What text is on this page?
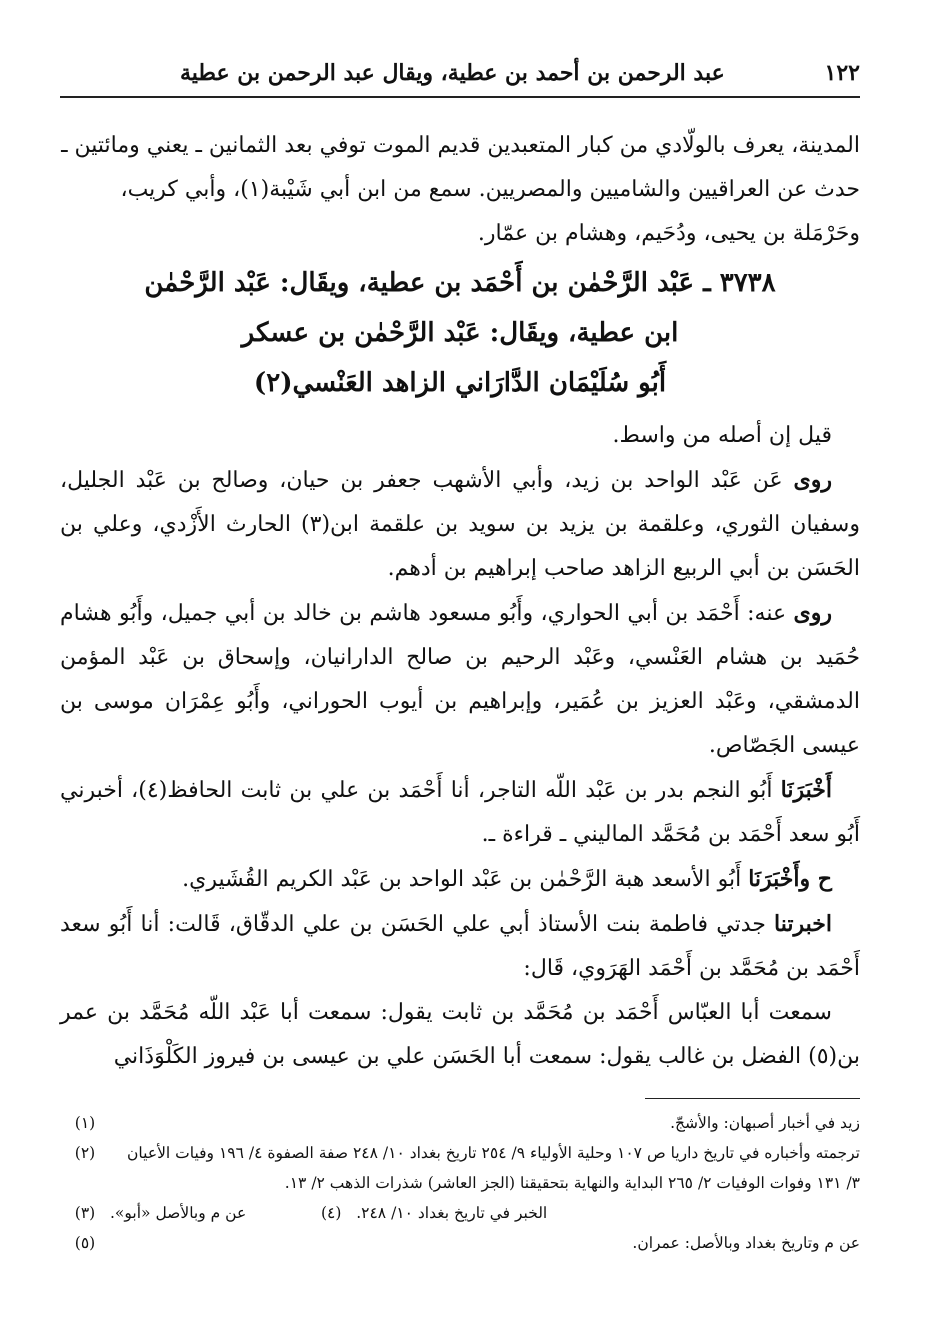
١٢٢
عبد الرحمن بن أحمد بن عطية، ويقال عبد الرحمن بن عطية

المدينة، يعرف بالولّادي من كبار المتعبدين قديم الموت توفي بعد الثمانين ـ يعني ومائتين ـ

حدث عن العراقيين والشاميين والمصريين. سمع من ابن أبي شَيْبة(١)، وأبي كريب،

وحَرْمَلة بن يحيى، ودُحَيم، وهشام بن عمّار.

٣٧٣٨ ـ عَبْد الرَّحْمٰن بن أَحْمَد بن عطية، ويقَال: عَبْد الرَّحْمٰن

ابن عطية، ويقَال: عَبْد الرَّحْمٰن بن عسكر

أَبُو سُلَيْمَان الدَّارَاني الزاهد العَنْسي(٢)

قيل إن أصله من واسط.

روى عَن عَبْد الواحد بن زيد، وأبي الأشهب جعفر بن حيان، وصالح بن عَبْد الجليل، وسفيان الثوري، وعلقمة بن يزيد بن سويد بن علقمة ابن(٣) الحارث الأَزْدي، وعلي بن الحَسَن بن أبي الربيع الزاهد صاحب إبراهيم بن أدهم.

روى عنه: أَحْمَد بن أبي الحواري، وأَبُو مسعود هاشم بن خالد بن أبي جميل، وأَبُو هشام حُمَيد بن هشام العَنْسي، وعَبْد الرحيم بن صالح الدارانيان، وإسحاق بن عَبْد المؤمن الدمشقي، وعَبْد العزيز بن عُمَير، وإبراهيم بن أيوب الحوراني، وأَبُو عِمْرَان موسى بن عيسى الجَصّاص.

أَخْبَرَنَا أَبُو النجم بدر بن عَبْد اللّه التاجر، أنا أَحْمَد بن علي بن ثابت الحافظ(٤)، أخبرني أَبُو سعد أَحْمَد بن مُحَمَّد الماليني ـ قراءة ـ.

ح وأَخْبَرَنَا أَبُو الأسعد هبة الرَّحْمٰن بن عَبْد الواحد بن عَبْد الكريم القُشَيري.

اخبرتنا جدتي فاطمة بنت الأستاذ أبي علي الحَسَن بن علي الدقّاق، قَالت: أنا أَبُو سعد أَحْمَد بن مُحَمَّد بن أَحْمَد الهَرَوي، قَال:

سمعت أبا العبّاس أَحْمَد بن مُحَمَّد بن ثابت يقول: سمعت أبا عَبْد اللّه مُحَمَّد بن عمر بن(٥) الفضل بن غالب يقول: سمعت أبا الحَسَن علي بن عيسى بن فيروز الكَلْوَذَاني

(١)	زيد في أخبار أصبهان: والأشجّ.
(٢)	ترجمته وأخباره في تاريخ داريا ص ١٠٧ وحلية الأولياء ٩/ ٢٥٤ تاريخ بغداد ١٠/ ٢٤٨ صفة الصفوة ٤/ ١٩٦ وفيات الأعيان ٣/ ١٣١ وفوات الوفيات ٢/ ٢٦٥ البداية والنهاية بتحقيقنا (الجز العاشر) شذرات الذهب ٢/ ١٣.
(٣) عن م وبالأصل «أبو».	(٤) الخبر في تاريخ بغداد ١٠/ ٢٤٨.
(٥)	عن م وتاريخ بغداد وبالأصل: عمران.
